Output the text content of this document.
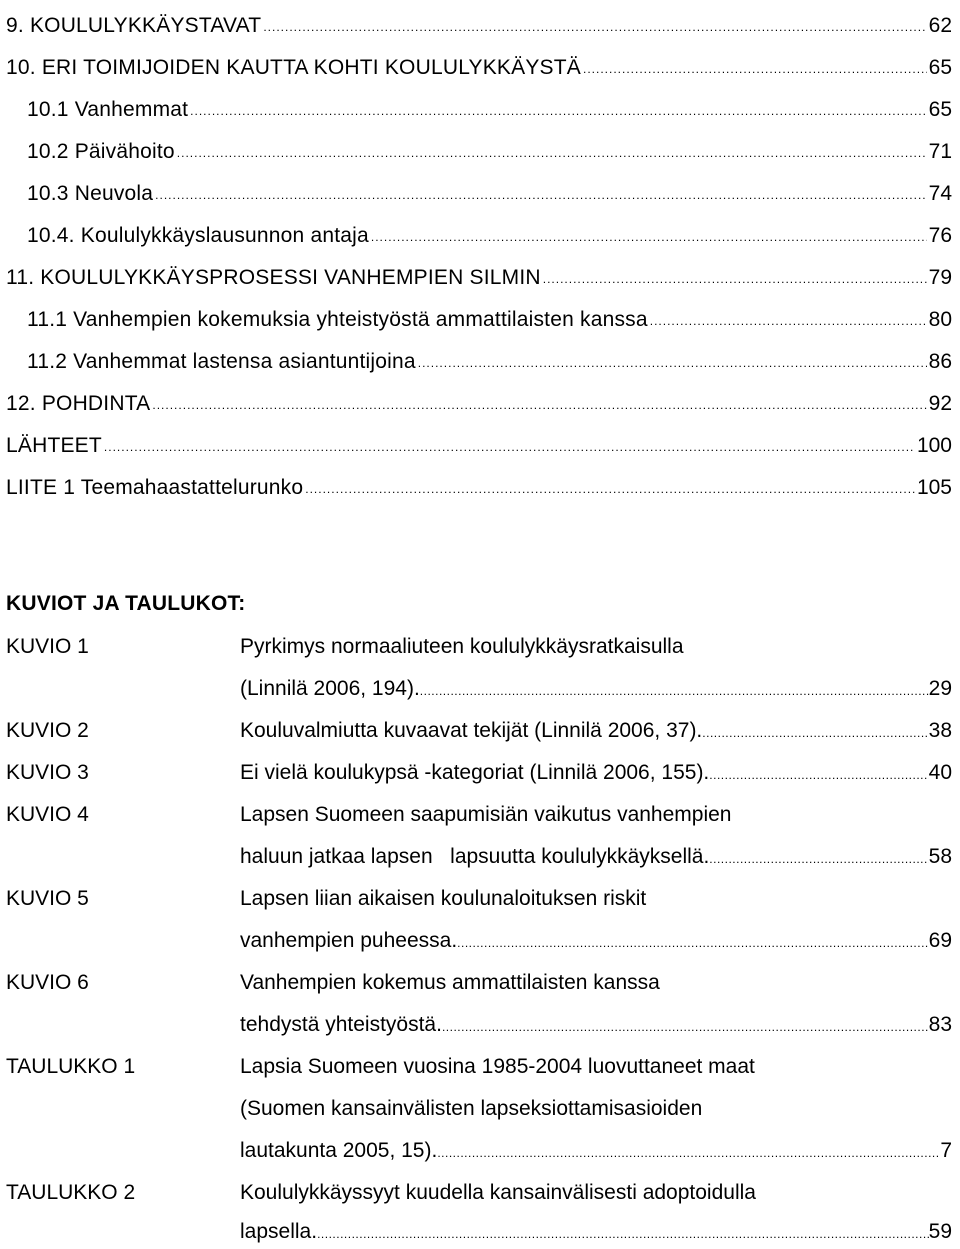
9. KOULULYKKÄYSTAVAT .....	62
10. ERI TOIMIJOIDEN KAUTTA KOHTI KOULULYKKÄYSTÄ .....	65
10.1 Vanhemmat .....	65
10.2 Päivähoito .....	71
10.3 Neuvola .....	74
10.4. Koululykkäyslausunnon antaja .....	76
11. KOULULYKKÄYSPROSESSI VANHEMPIEN SILMIN .....	79
11.1 Vanhempien kokemuksia yhteistyöstä ammattilaisten kanssa .....	80
11.2 Vanhemmat lastensa asiantuntijoina .....	86
12. POHDINTA .....	92
LÄHTEET .....	100
LIITE 1 Teemahaastattelurunko .....	105
KUVIOT JA TAULUKOT:
KUVIO 1	Pyrkimys normaaliuteen koululykkäysratkaisulla
(Linnilä 2006, 194). .....	29
KUVIO 2	Kouluvalmiutta kuvaavat tekijät (Linnilä 2006, 37). .....	38
KUVIO 3	Ei vielä koulukypsä -kategoriat (Linnilä 2006, 155). .....	40
KUVIO 4	Lapsen Suomeen saapumisiän vaikutus vanhempien
haluun jatkaa lapsen   lapsuutta koululykkäyksellä. .....	58
KUVIO 5	Lapsen liian aikaisen koulunaloituksen riskit
vanhempien puheessa. .....	69
KUVIO 6	Vanhempien kokemus ammattilaisten kanssa
tehdystä yhteistyöstä. .....	83
TAULUKKO 1	Lapsia Suomeen vuosina 1985-2004 luovuttaneet maat
(Suomen kansainvälisten lapseksiottamisasioiden
lautakunta 2005, 15). .....	7
TAULUKKO 2	Koululykkäyssyyt kuudella kansainvälisesti adoptoidulla
lapsella. .....	59
